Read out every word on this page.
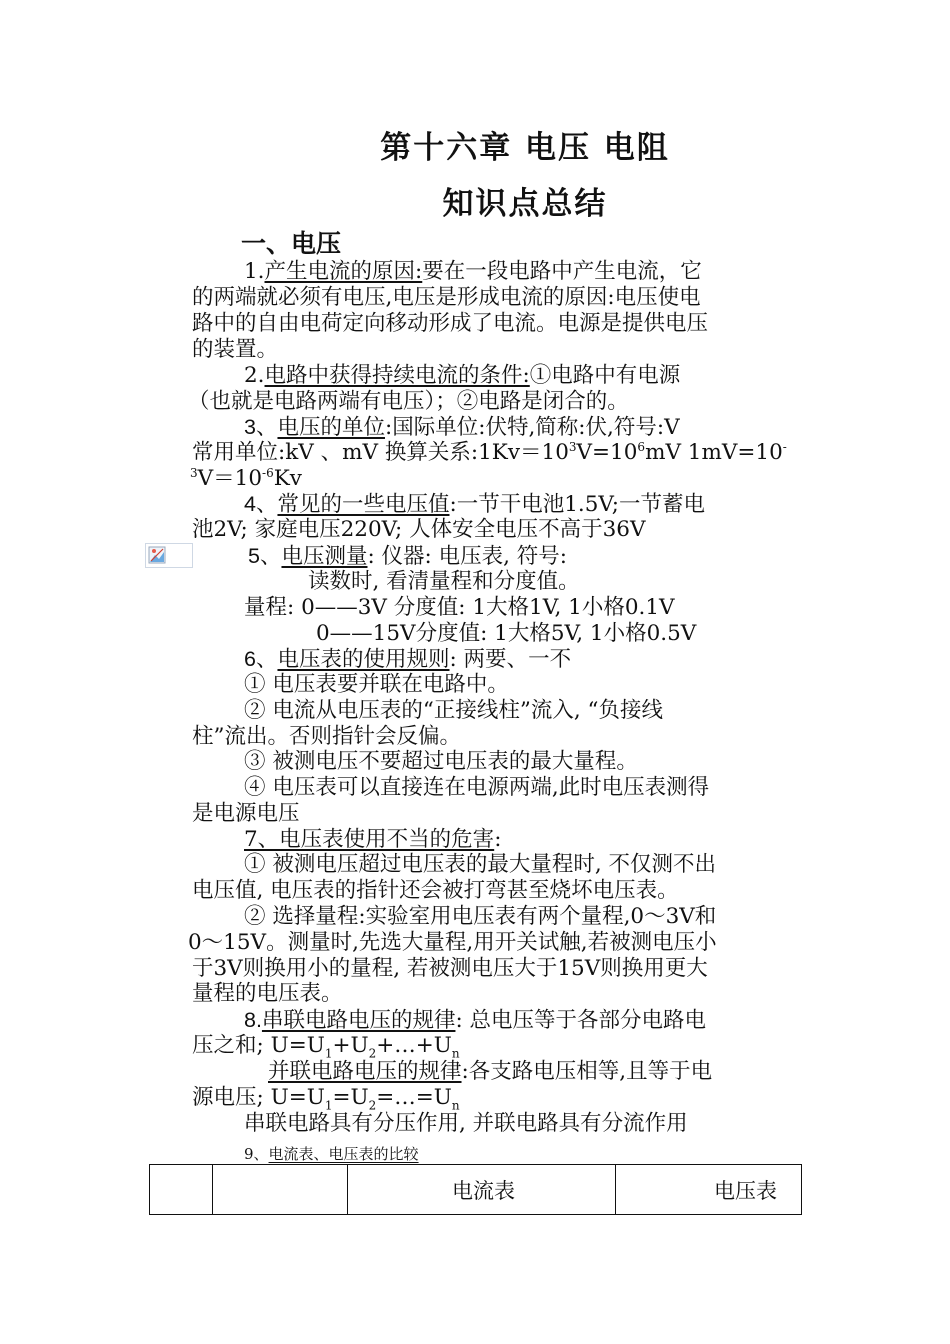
第十六章 电压 电阻
知识点总结
一、电压
1.产生电流的原因:要在一段电路中产生电流，它
的两端就必须有电压,电压是形成电流的原因:电压使电
路中的自由电荷定向移动形成了电流。电源是提供电压
的装置。
2.电路中获得持续电流的条件:①电路中有电源
（也就是电路两端有电压）；②电路是闭合的。
3、电压的单位:国际单位:伏特,简称:伏,符号:V
常用单位:kV 、mV 换算关系$:1Kv=10^3V=10^6mV$ 1mV=10-
$^3V=10^{-6}Kv$
4、常见的一些电压值:一节干电池1.5V;一节蓄电
池2V; 家庭电压220V; 人体安全电压不高于36V
5、电压测量: 仪器: 电压表, 符号:
读数时, 看清量程和分度值。
量程: 0——3V 分度值: 1大格1V, 1小格0.1V
0——15V分度值: 1大格5V, 1小格0.5V
6、电压表的使用规则: 两要、一不
① 电压表要并联在电路中。
② 电流从电压表的“正接线柱”流入, “负接线
柱”流出。否则指针会反偏。
③ 被测电压不要超过电压表的最大量程。
④ 电压表可以直接连在电源两端,此时电压表测得
是电源电压
7、电压表使用不当的危害:
① 被测电压超过电压表的最大量程时, 不仅测不出
电压值, 电压表的指针还会被打弯甚至烧坏电压表。
② 选择量程:实验室用电压表有两个量程,0～3V和
0～15V。测量时,先选大量程,用开关试触,若被测电压小
于3V则换用小的量程, 若被测电压大于15V则换用更大
量程的电压表。
8.串联电路电压的规律: 总电压等于各部分电路电
压之和; $U=U_1+U_2+\dots+U_n$
并联电路电压的规律:各支路电压相等,且等于电
源电压; $U=U_1=U_2=\dots=U_n$
串联电路具有分压作用, 并联电路具有分流作用
9、电流表、电压表的比较
		电流表	电压表
